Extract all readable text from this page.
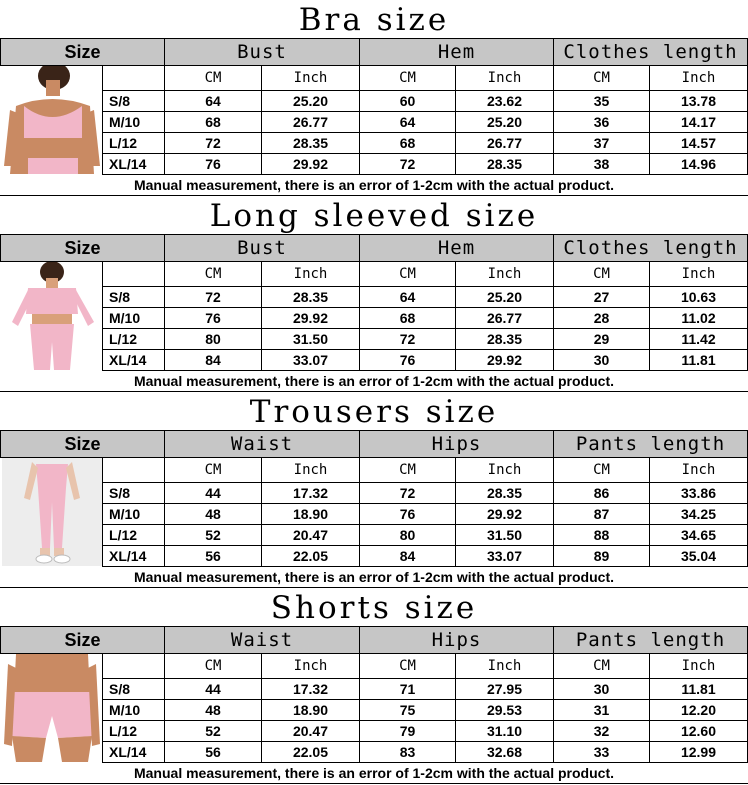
Bra size
Size	Bust	Hem	Clothes length
CM	Inch	CM	Inch	CM	Inch
S/8	64	25.20	60	23.62	35	13.78
M/10	68	26.77	64	25.20	36	14.17
L/12	72	28.35	68	26.77	37	14.57
XL/14	76	29.92	72	28.35	38	14.96
Manual measurement, there is an error of 1-2cm with the actual product.
Long sleeved size
Size	Bust	Hem	Clothes length
CM	Inch	CM	Inch	CM	Inch
S/8	72	28.35	64	25.20	27	10.63
M/10	76	29.92	68	26.77	28	11.02
L/12	80	31.50	72	28.35	29	11.42
XL/14	84	33.07	76	29.92	30	11.81
Manual measurement, there is an error of 1-2cm with the actual product.
Trousers size
Size	Waist	Hips	Pants length
CM	Inch	CM	Inch	CM	Inch
S/8	44	17.32	72	28.35	86	33.86
M/10	48	18.90	76	29.92	87	34.25
L/12	52	20.47	80	31.50	88	34.65
XL/14	56	22.05	84	33.07	89	35.04
Manual measurement, there is an error of 1-2cm with the actual product.
Shorts size
Size	Waist	Hips	Pants length
CM	Inch	CM	Inch	CM	Inch
S/8	44	17.32	71	27.95	30	11.81
M/10	48	18.90	75	29.53	31	12.20
L/12	52	20.47	79	31.10	32	12.60
XL/14	56	22.05	83	32.68	33	12.99
Manual measurement, there is an error of 1-2cm with the actual product.
